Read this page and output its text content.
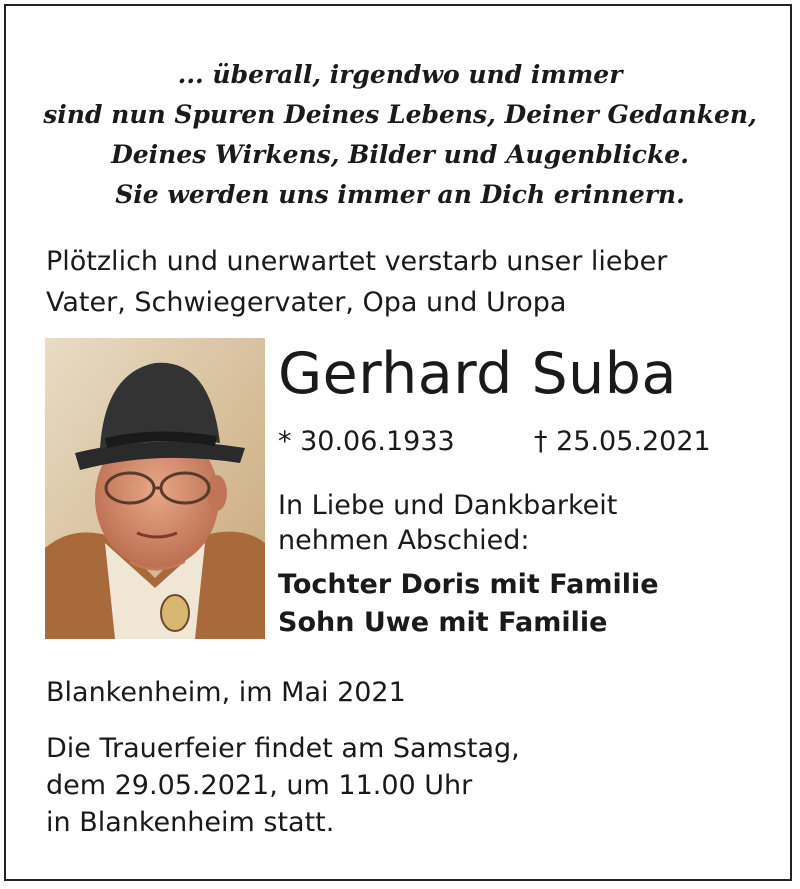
... überall, irgendwo und immer
sind nun Spuren Deines Lebens, Deiner Gedanken,
Deines Wirkens, Bilder und Augenblicke.
Sie werden uns immer an Dich erinnern.
Plötzlich und unerwartet verstarb unser lieber
Vater, Schwiegervater, Opa und Uropa
Gerhard Suba
* 30.06.1933	† 25.05.2021
In Liebe und Dankbarkeit
nehmen Abschied:
Tochter Doris mit Familie
Sohn Uwe mit Familie
Blankenheim, im Mai 2021
Die Trauerfeier findet am Samstag,
dem 29.05.2021, um 11.00 Uhr
in Blankenheim statt.
